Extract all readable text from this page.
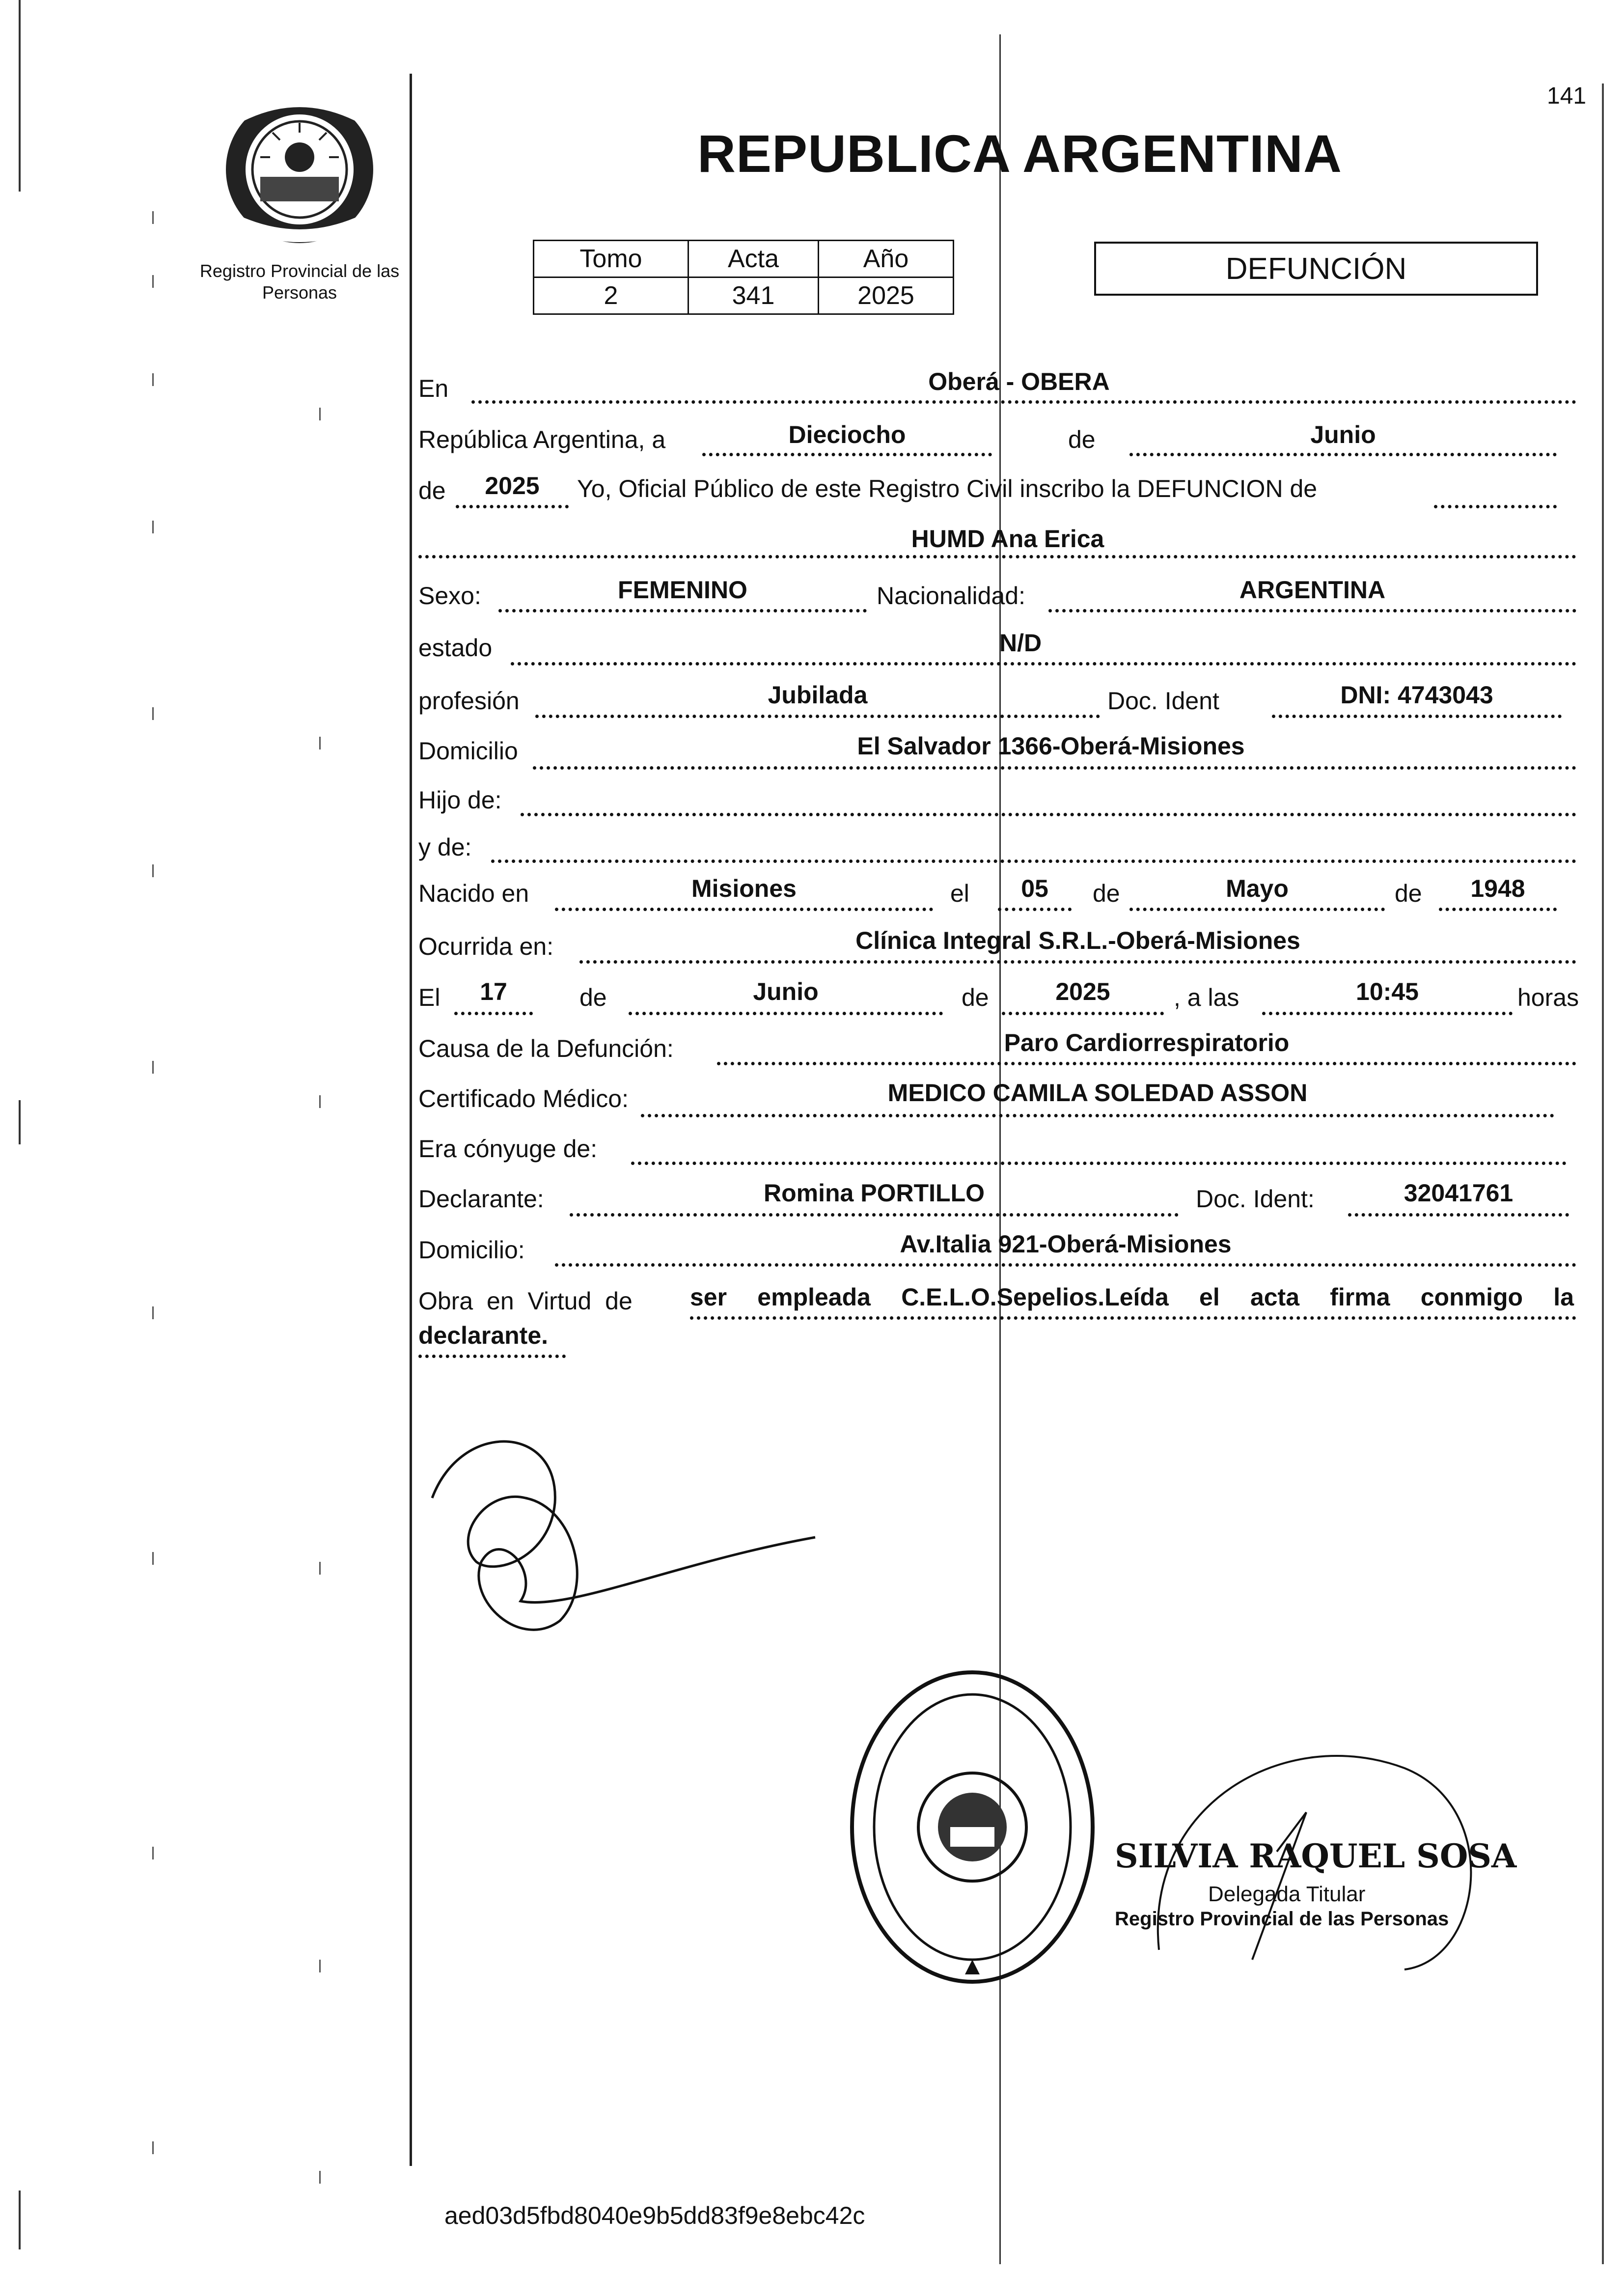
141
Registro Provincial de las Personas
REPUBLICA ARGENTINA
Tomo	Acta	Año
2	341	2025
DEFUNCIÓN
En	Oberá - OBERA
República Argentina, a	Dieciocho	de	Junio
de	2025	Yo, Oficial Público de este Registro Civil inscribo la DEFUNCION de
HUMD Ana Erica
Sexo:	FEMENINO	Nacionalidad:	ARGENTINA
estado	N/D
profesión	Jubilada	Doc. Ident	DNI: 4743043
Domicilio	El Salvador 1366-Oberá-Misiones
Hijo de:
y de:
Nacido en	Misiones	el	05	de	Mayo	de	1948
Ocurrida en:	Clínica Integral S.R.L.-Oberá-Misiones
El	17	de	Junio	de	2025	, a las	10:45	horas
Causa de la Defunción:	Paro Cardiorrespiratorio
Certificado Médico:	MEDICO CAMILA SOLEDAD ASSON
Era cónyuge de:
Declarante:	Romina PORTILLO	Doc. Ident:	32041761
Domicilio:	Av.Italia 921-Oberá-Misiones
Obra en Virtud de ser empleada C.E.L.O.Sepelios.Leída el acta firma conmigo la
declarante.
SILVIA RAQUEL SOSA
Delegada Titular
Registro Provincial de las Personas
aed03d5fbd8040e9b5dd83f9e8ebc42c
